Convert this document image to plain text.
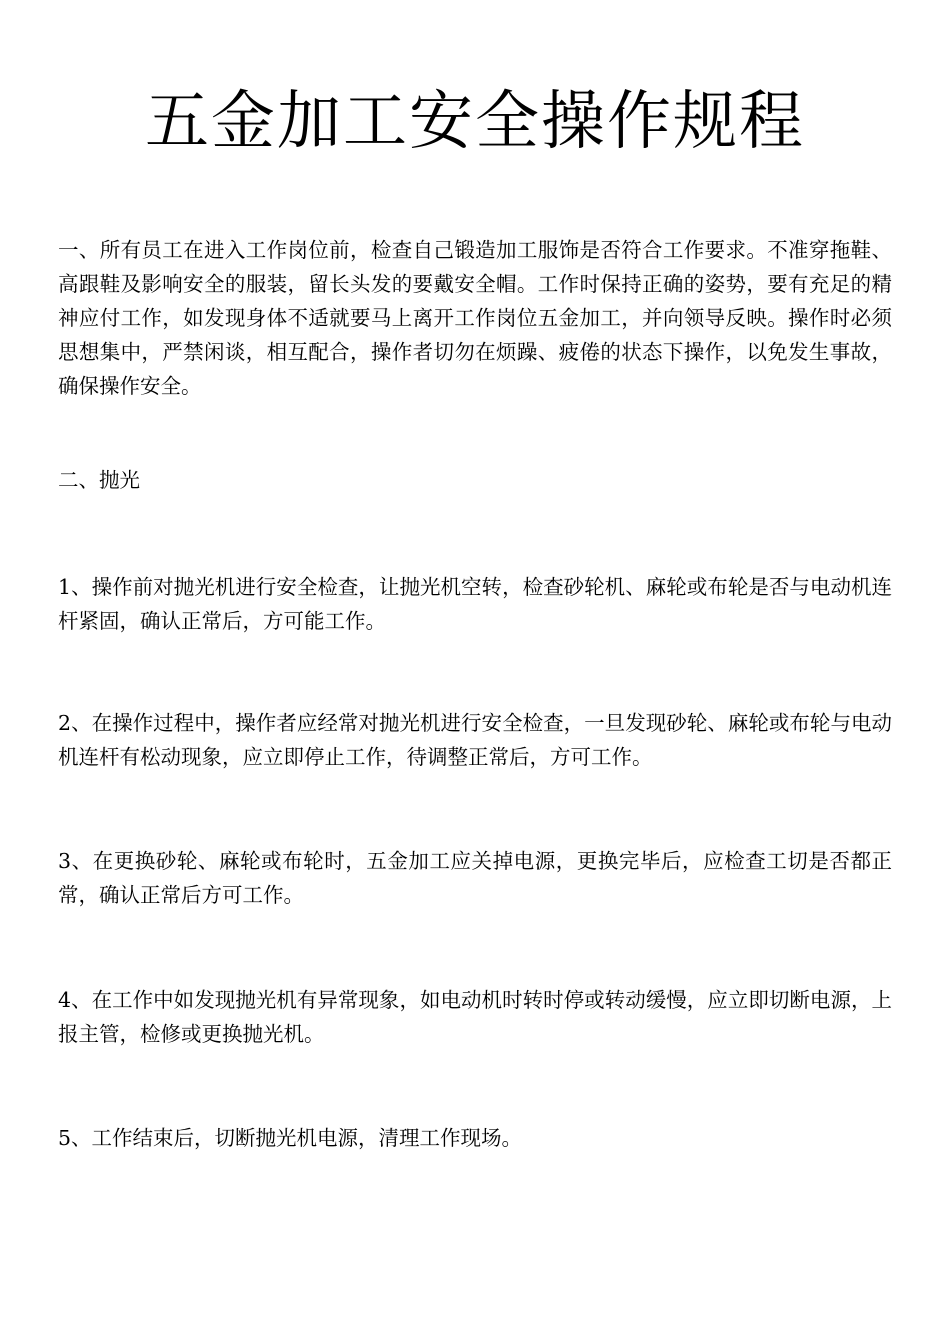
五金加工安全操作规程

一、所有员工在进入工作岗位前，检查自己锻造加工服饰是否符合工作要求。不准穿拖鞋、高跟鞋及影响安全的服装，留长头发的要戴安全帽。工作时保持正确的姿势，要有充足的精神应付工作，如发现身体不适就要马上离开工作岗位五金加工，并向领导反映。操作时必须思想集中，严禁闲谈，相互配合，操作者切勿在烦躁、疲倦的状态下操作，以免发生事故，确保操作安全。

二、抛光

1、操作前对抛光机进行安全检查，让抛光机空转，检查砂轮机、麻轮或布轮是否与电动机连杆紧固，确认正常后，方可能工作。

2、在操作过程中，操作者应经常对抛光机进行安全检查，一旦发现砂轮、麻轮或布轮与电动机连杆有松动现象，应立即停止工作，待调整正常后，方可工作。

3、在更换砂轮、麻轮或布轮时，五金加工应关掉电源，更换完毕后，应检查工切是否都正常，确认正常后方可工作。

4、在工作中如发现抛光机有异常现象，如电动机时转时停或转动缓慢，应立即切断电源，上报主管，检修或更换抛光机。

5、工作结束后，切断抛光机电源，清理工作现场。
